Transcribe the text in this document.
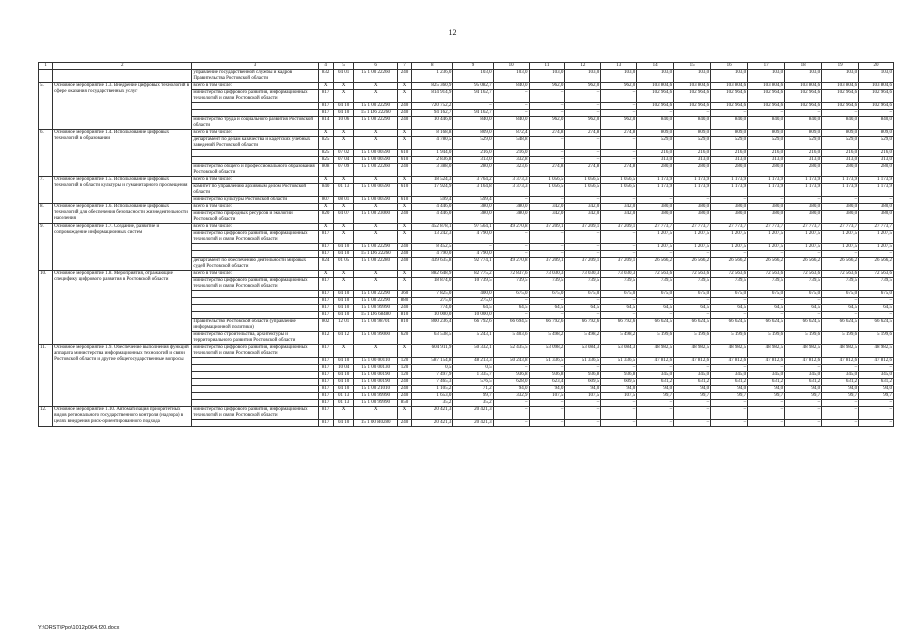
12
1	2	3	4	5	6	7	8	9	10	11	12	13	14	15	16	17	18	19	20
		управление государственной службы и кадров Правительства Ростовской области	832	04 01	15 1 00 22260	240	1 236,0	103,0	103,0	103,0	103,0	103,0	103,0	103,0	103,0	103,0	103,0	103,0	103,0
5.	Основное мероприятие 1.3. Внедрение цифровых технологий в сфере оказания государственных услуг	всего в том числе:	X	X	X	X	825 360,9	95 082,7	840,0	962,0	962,0	962,0	103 804,6	103 804,6	103 804,6	103 804,6	103 804,6	103 804,6	103 804,6
		министерство цифрового развития, информационных технологий и связи Ростовской области	817	X	X	X	814 914,9	94 162,7	–	–	–	–	102 964,6	102 964,6	102 964,6	102 964,6	102 964,6	102 964,6	102 964,6
			817	04 10	15 1 00 22290	240	720 752,2	–	–	–	–	–	102 964,6	102 964,6	102 964,6	102 964,6	102 964,6	102 964,6	102 964,6
			817	04 10	15 1 D6 22260	240	94 162,7	94 162,7	–	–	–	–	–	–	–	–	–	–	–
		министерство труда и социального развития Ростовской области	814	10 06	15 1 00 22290	240	10 446,0	840,0	840,0	962,0	962,0	962,0	840,0	840,0	840,0	840,0	840,0	840,0	840,0
6.	Основное мероприятие 1.4. Использование цифровых технологий в образовании	всего в том числе:	X	X	X	X	8 168,8	809,0	872,4	274,8	274,8	274,8	809,0	809,0	809,0	809,0	809,0	809,0	809,0
		департамент по делам казачества и кадетских учебных заведений Ростовской области	825	X	X	X	4 780,5	529,0	548,8	–	–	–	529,0	529,0	529,0	529,0	529,0	529,0	529,0
			825	07 02	15 1 00 00590	610	1 944,0	216,0	216,0	–	–	–	216,0	216,0	216,0	216,0	216,0	216,0	216,0
			825	07 04	15 1 00 00590	610	2 836,8	313,0	332,8	–	–	–	313,0	313,0	313,0	313,0	313,0	313,0	313,0
		министерство общего и профессионального образования Ростовской области	808	07 09	15 1 00 22260	240	3 388,0	280,0	323,6	274,8	274,8	274,8	280,0	280,0	280,0	280,0	280,0	280,0	280,0
7.	Основное мероприятие 1.5. Использование цифровых технологий в области культуры и гуманитарного просвещения	всего в том числе:	X	X	X	X	18 524,3	3 764,2	3 373,3	1 056,5	1 056,5	1 056,5	1 173,9	1 173,9	1 173,9	1 173,9	1 173,9	1 173,9	1 173,9
		комитет по управлению архивным делом Ростовской области	840	01 13	15 1 00 00590	610	17 924,9	3 164,8	3 373,3	1 056,5	1 056,5	1 056,5	1 173,9	1 173,9	1 173,9	1 173,9	1 173,9	1 173,9	1 173,9
		министерство культуры Ростовской области	807	08 01	15 1 00 00590	610	599,4	599,4	–	–	–	–	–	–	–	–	–	–	–
8.	Основное мероприятие 1.6. Использование цифровых технологий для обеспечения безопасности жизнедеятельности населения	всего в том числе:	X	X	X	X	4 446,0	380,0	380,0	342,0	342,0	342,0	380,0	380,0	380,0	380,0	380,0	380,0	380,0
		министерство природных ресурсов и экологии Ростовской области	820	04 07	15 1 00 23000	240	4 446,0	380,0	380,0	342,0	342,0	342,0	380,0	380,0	380,0	380,0	380,0	380,0	380,0
9.	Основное мероприятие 1.7. Создание, развитие и сопровождение информационных систем	всего в том числе:	X	X	X	X	452 878,1	97 564,1	49 270,8	37 209,1	37 209,1	37 209,1	27 773,7	27 773,7	27 773,7	27 773,7	27 773,7	27 773,7	27 773,7
		министерство цифрового развития, информационных технологий и связи Ростовской области	817	X	X	X	13 242,3	4 790,0	–	–	–	–	1 207,5	1 207,5	1 207,5	1 207,5	1 207,5	1 207,5	1 207,5
			817	04 10	15 1 00 22290	240	8 452,5	–	–	–	–	–	1 207,5	1 207,5	1 207,5	1 207,5	1 207,5	1 207,5	1 207,5
			817	04 10	15 1 D6 22260	240	4 790,0	4 790,0	–	–	–	–	–	–	–	–	–	–	–
		департамент по обеспечению деятельности мировых судей Ростовской области	824	01 05	15 1 00 22280	240	439 635,8	92 774,1	49 270,8	37 209,1	37 209,1	37 209,1	26 566,2	26 566,2	26 566,2	26 566,2	26 566,2	26 566,2	26 566,2
10.	Основное мероприятие 1.8. Мероприятия, отражающие специфику цифрового развития в Ростовской области	всего в том числе:	X	X	X	X	882 648,9	82 775,2	72 837,6	73 030,3	73 030,3	73 030,3	72 563,6	72 563,6	72 563,6	72 563,6	72 563,6	72 563,6	72 563,6
		министерство цифрового развития, информационных технологий и связи Ростовской области	817	X	X	X	18 874,0	10 739,5	739,5	739,5	739,5	739,5	739,5	739,5	739,5	739,5	739,5	739,5	739,5
			817	04 10	15 1 00 22290	360	7 825,0	400,0	675,0	675,0	675,0	675,0	675,0	675,0	675,0	675,0	675,0	675,0	675,0
			817	04 10	15 1 00 22290	880	275,0	275,0	–	–	–	–	–	–	–	–	–	–	–
			817	04 10	15 1 00 99990	240	774,0	64,5	64,5	64,5	64,5	64,5	64,5	64,5	64,5	64,5	64,5	64,5	64,5
			817	04 10	15 1 D6 68480	810	10 000,0	10 000,0	–	–	–	–	–	–	–	–	–	–	–
		Правительство Ростовской области (управление информационной политики)	802	12 01	15 1 00 98701	810	800 236,4	66 792,6	66 694,5	66 792,6	66 792,6	66 792,6	66 624,5	66 624,5	66 624,5	66 624,5	66 624,5	66 624,5	66 624,5
		министерство строительства, архитектуры и территориального развития Ростовской области	812	04 12	15 1 00 99000	620	63 538,5	5 243,1	5 403,6	5 498,2	5 498,2	5 498,2	5 199,6	5 199,6	5 199,6	5 199,6	5 199,6	5 199,6	5 199,6
11.	Основное мероприятие 1.9. Обеспечение выполнения функций аппарата министерства информационных технологий и связи Ростовской области и другие общегосударственные вопросы	министерство цифрового развития, информационных технологий и связи Ростовской области	817	X	X	X	604 911,9	50 332,1	52 435,5	53 098,2	53 084,3	53 084,3	48 982,5	48 982,5	48 982,5	48 982,5	48 982,5	48 982,5	48 982,5
			817	04 10	15 1 00 00110	120	587 154,8	48 213,3	50 243,8	51 336,5	51 336,5	51 336,5	47 812,6	47 812,6	47 812,6	47 812,6	47 812,6	47 812,6	47 812,6
			817	10 04	15 1 00 00130	120	0,5	0,5	–	–	–	–	–	–	–	–	–	–	–
			817	04 10	15 1 00 00190	120	7 497,9	1 335,7	936,8	936,8	936,8	936,8	345,0	345,0	345,0	345,0	345,0	345,0	345,0
			817	04 10	15 1 00 00190	240	7 465,3	576,5	628,0	623,4	609,5	609,5	631,2	631,2	631,2	631,2	631,2	631,2	631,2
			817	04 10	15 1 00 21010	240	1 105,2	71,2	94,0	94,0	94,0	94,0	94,0	94,0	94,0	94,0	94,0	94,0	94,0
			817	01 13	15 1 00 99990	240	1 653,0	99,7	332,9	107,5	107,5	107,5	99,7	99,7	99,7	99,7	99,7	99,7	99,7
			817	01 13	15 1 00 99990	850	35,2	35,2	–	–	–	–	–	–	–	–	–	–	–
12.	Основное мероприятие 1.10. Автоматизация приоритетных видов регионального государственного контроля (надзора) в целях внедрения риск-ориентированного подхода	министерство цифрового развития, информационных технологий и связи Ростовской области	817	X	X	X	20 421,3	20 421,3	–	–	–	–	–	–	–	–	–	–	–
			817	04 10	15 1 00 R0280	240	20 421,3	20 421,3	–	–	–	–	–	–	–	–	–	–	–
Y:\ORST\Ppo\1012p064.f20.docx
